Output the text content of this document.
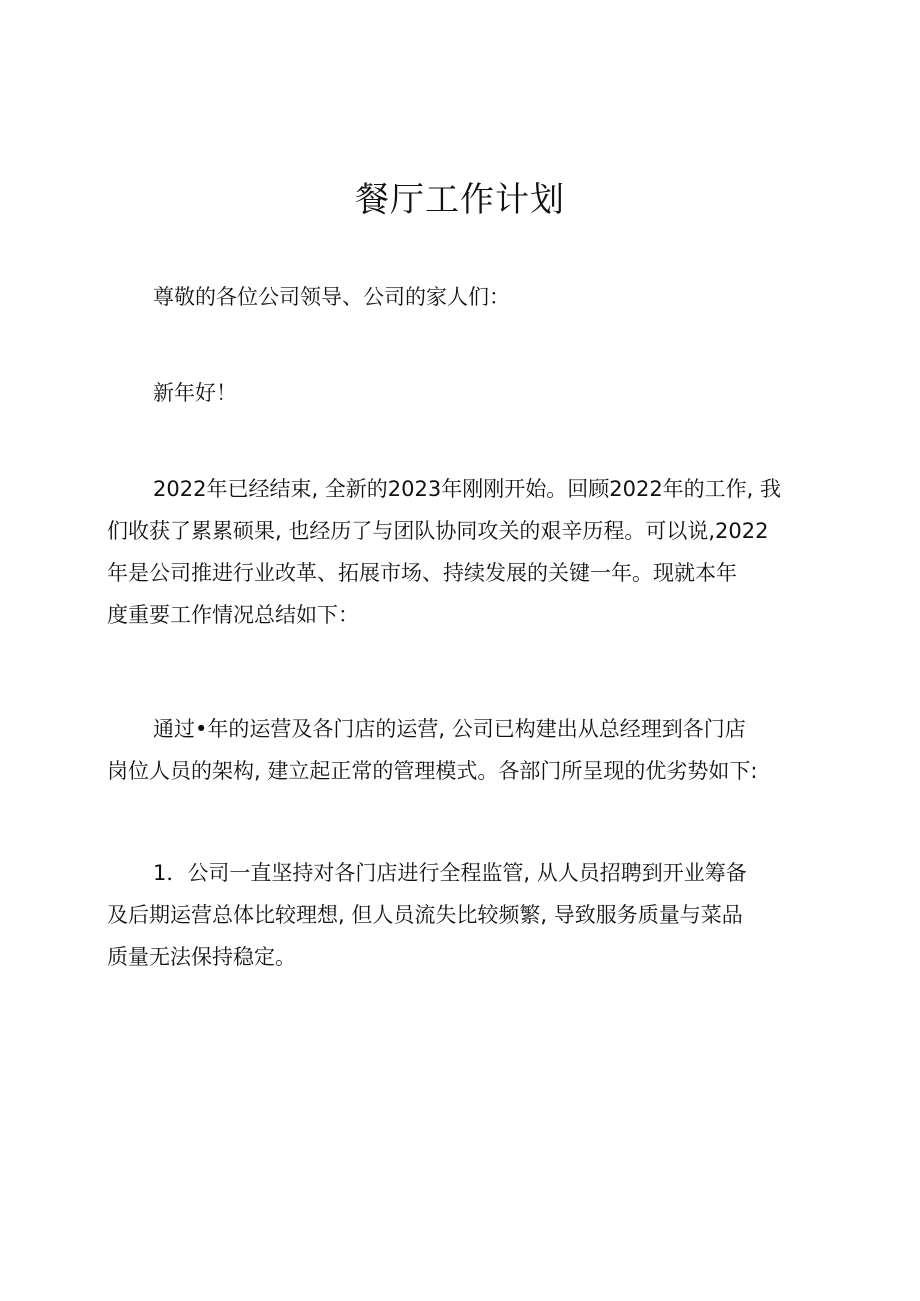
餐厅工作计划
尊敬的各位公司领导、公司的家人们：
新年好！
2022年已经结束, 全新的2023年刚刚开始。回顾2022年的工作, 我
们收获了累累硕果, 也经历了与团队协同攻关的艰辛历程。可以说,2022
年是公司推进行业改革、拓展市场、持续发展的关键一年。现就本年
度重要工作情况总结如下：
通过•年的运营及各门店的运营, 公司已构建出从总经理到各门店
岗位人员的架构, 建立起正常的管理模式。各部门所呈现的优劣势如下:
1．公司一直坚持对各门店进行全程监管, 从人员招聘到开业筹备
及后期运营总体比较理想, 但人员流失比较频繁, 导致服务质量与菜品
质量无法保持稳定。
